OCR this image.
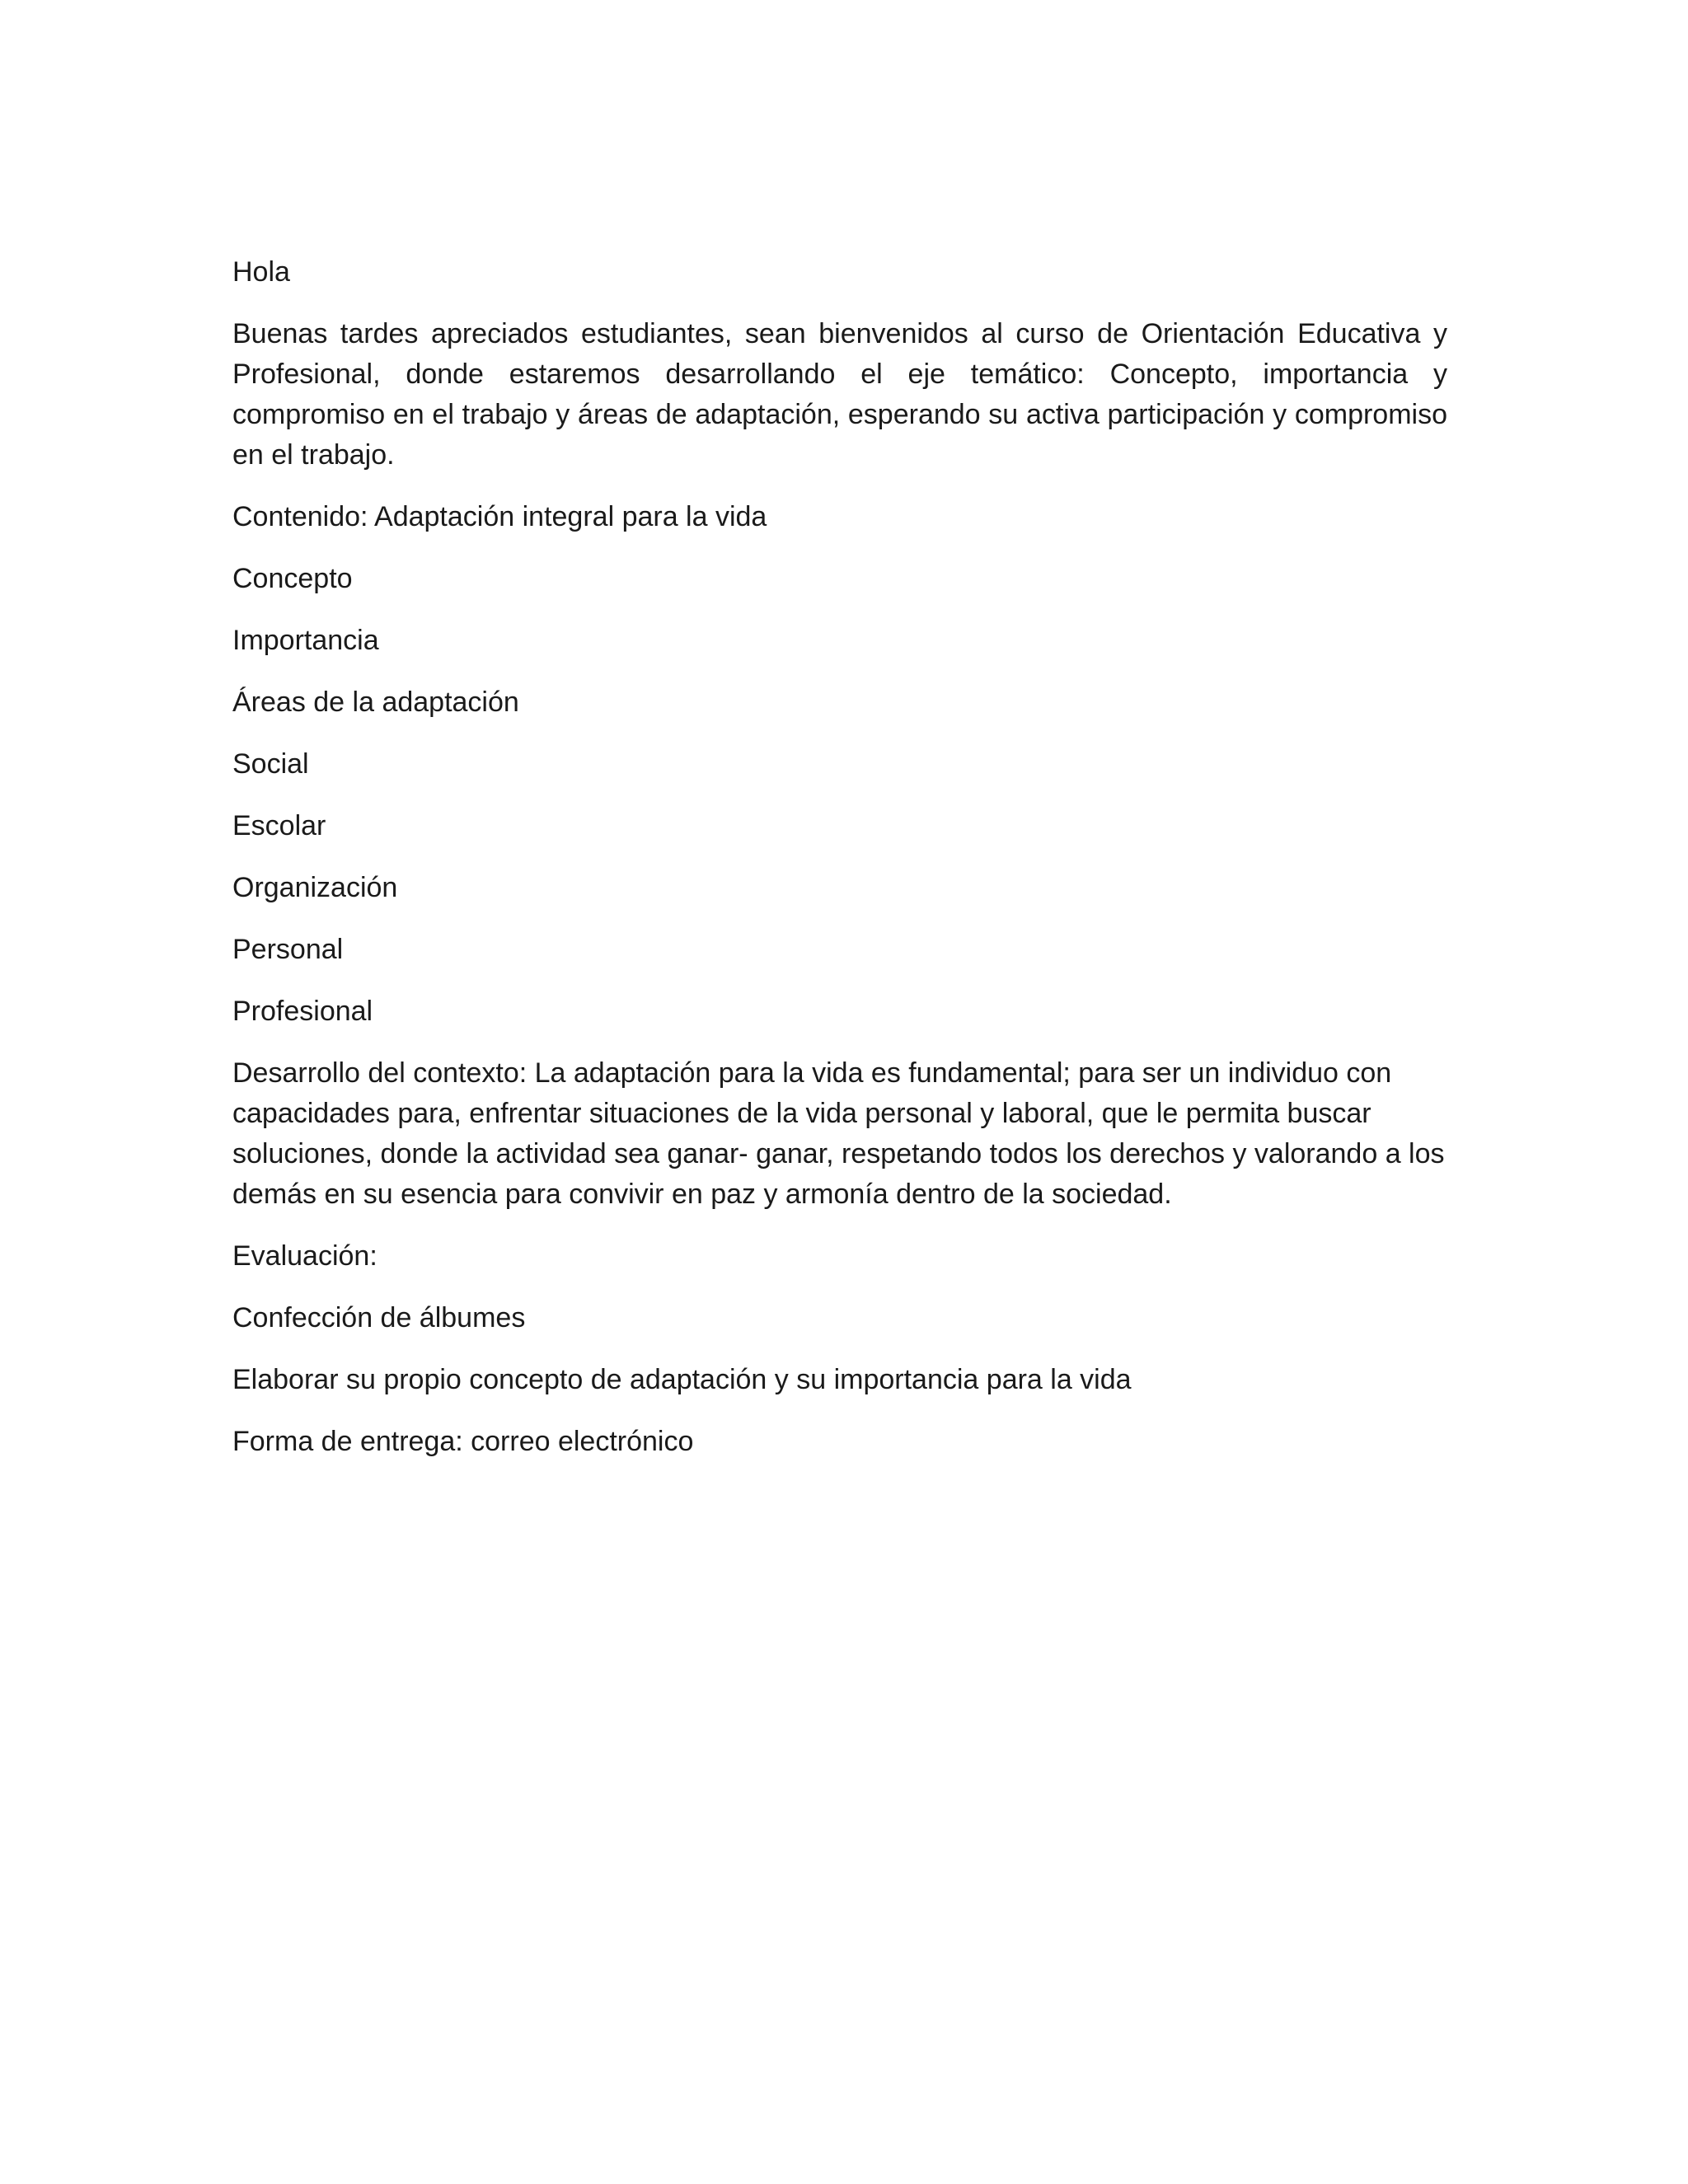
Hola

Buenas tardes apreciados estudiantes, sean bienvenidos al curso de Orientación Educativa y Profesional, donde estaremos desarrollando el eje temático: Concepto, importancia y compromiso en el trabajo y áreas de adaptación, esperando su activa participación y compromiso en el trabajo.

Contenido: Adaptación integral para la vida

Concepto

Importancia

Áreas de la adaptación

Social

Escolar

Organización

Personal

Profesional

Desarrollo del contexto: La adaptación para la vida es fundamental; para ser un individuo con capacidades para, enfrentar situaciones de la vida personal y laboral, que le permita buscar soluciones, donde la actividad sea ganar- ganar, respetando todos los derechos y valorando a los demás en su esencia para convivir en paz y armonía dentro de la sociedad.

Evaluación:

Confección de álbumes

Elaborar su propio concepto de adaptación y su importancia para la vida

Forma de entrega: correo electrónico
